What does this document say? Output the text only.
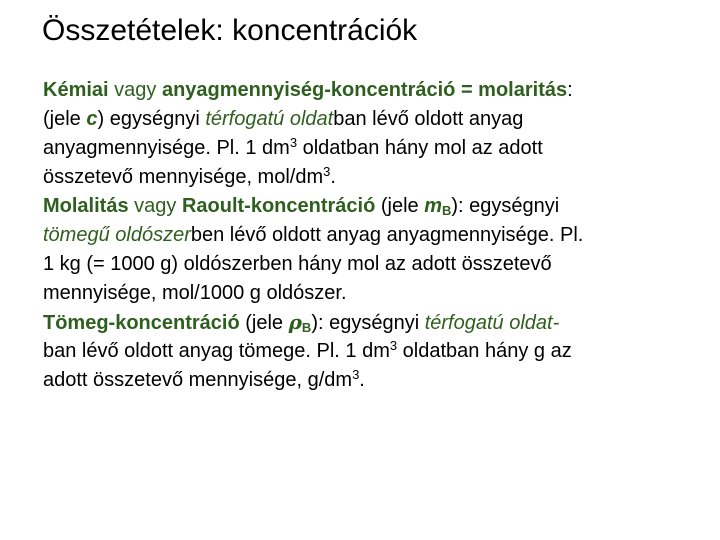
Összetételek: koncentrációk
Kémiai vagy anyagmennyiség-koncentráció = molaritás:
(jele c) egységnyi térfogatú oldatban lévő oldott anyag
anyagmennyisége. Pl. 1 $dm^3$ oldatban hány mol az adott
összetevő mennyisége, mol/$dm^3$.
Molalitás vagy Raoult-koncentráció (jele $m_B$): egységnyi
tömegű oldószerben lévő oldott anyag anyagmennyisége. Pl.
1 kg (= 1000 g) oldószerben hány mol az adott összetevő
mennyisége, mol/1000 g oldószer.
Tömeg-koncentráció (jele $\rho_B$): egységnyi térfogatú oldat-
ban lévő oldott anyag tömege. Pl. 1 $dm^3$ oldatban hány g az
adott összetevő mennyisége, $g/dm^3$.
